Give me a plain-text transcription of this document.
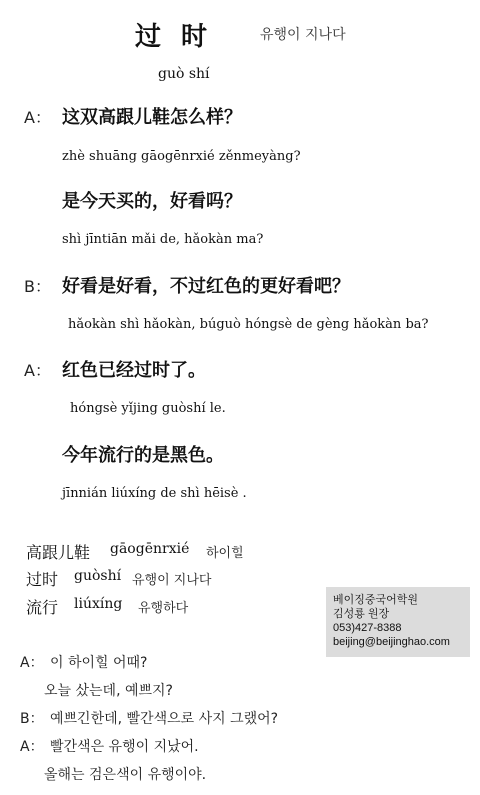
过时 유행이 지나다
guò shí
A： 这双高跟儿鞋怎么样？
zhè shuāng gāogēnrxié zěnmeyàng?
是今天买的，好看吗？
shì jīntiān mǎi de, hǎokàn ma?
B： 好看是好看，不过红色的更好看吧？
hǎokàn shì hǎokàn, búguò hóngsè de gèng hǎokàn ba?
A： 红色已经过时了。
hóngsè yǐjing guòshí le.
今年流行的是黑色。
jīnnián liúxíng de shì hēisè .
高跟儿鞋 gāogēnrxié 하이힐
过时 guòshí 유행이 지나다
流行 liúxíng 유행하다
베이징중국어학원
김성룡 원장
053)427-8388
beijing@beijinghao.com
A： 이 하이힐 어때?
오늘 샀는데, 예쁘지?
B： 예쁘긴한데, 빨간색으로 사지 그랬어?
A： 빨간색은 유행이 지났어.
올해는 검은색이 유행이야.
